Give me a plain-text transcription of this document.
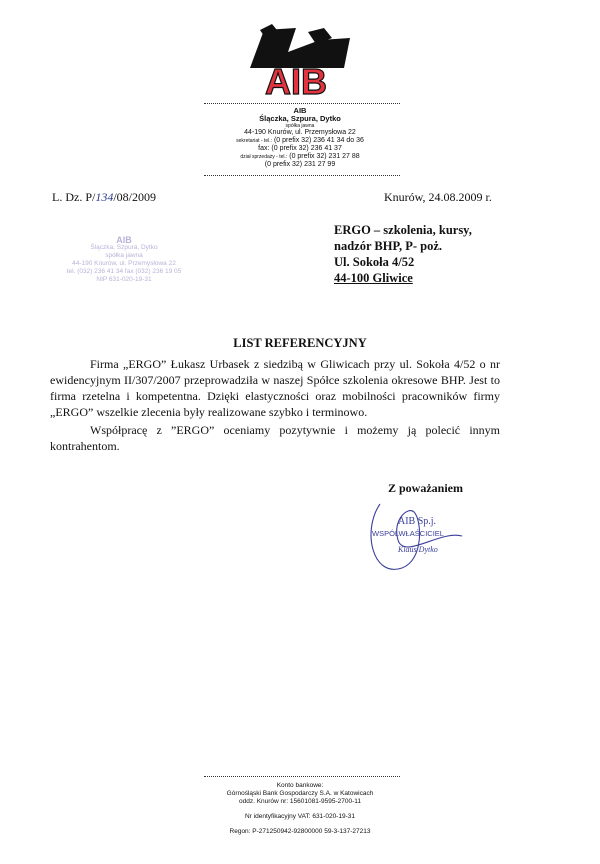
AIB
AIB
Ślączka, Szpura, Dytko
spółka jawna
44-190 Knurów, ul. Przemysłowa 22
sekretariat - tel.: (0 prefix 32) 236 41 34 do 36
fax: (0 prefix 32) 236 41 37
dział sprzedaży - tel.: (0 prefix 32) 231 27 88
(0 prefix 32) 231 27 99
L. Dz. P/134/08/2009	Knurów, 24.08.2009 r.
ERGO – szkolenia, kursy,
nadzór BHP, P- poż.
Ul. Sokoła 4/52
44-100 Gliwice
AIB
Ślączka, Szpura, Dytko
spółka jawna
44-190 Knurów, ul. Przemysłowa 22
tel. (032) 236 41 34 fax (032) 236 19 05
NIP 631-020-19-31
LIST REFERENCYJNY

Firma „ERGO” Łukasz Urbasek z siedzibą w Gliwicach przy ul. Sokoła 4/52 o nr ewidencyjnym II/307/2007 przeprowadziła w naszej Spółce szkolenia okresowe BHP. Jest to firma rzetelna i kompetentna. Dzięki elastyczności oraz mobilności pracowników firmy „ERGO” wszelkie zlecenia były realizowane szybko i terminowo.

Współpracę z ”ERGO” oceniamy pozytywnie i możemy ją polecić innym kontrahentom.

Z poważaniem
AIB Sp.j.
WSPÓLWŁAŚCICIEL
Klaus Dytko
Konto bankowe:
Górnośląski Bank Gospodarczy S.A. w Katowicach
oddz. Knurów nr: 15601081-9595-2700-11
Nr identyfikacyjny VAT: 631-020-19-31
Regon: P-271250942-92800000 59-3-137-27213
